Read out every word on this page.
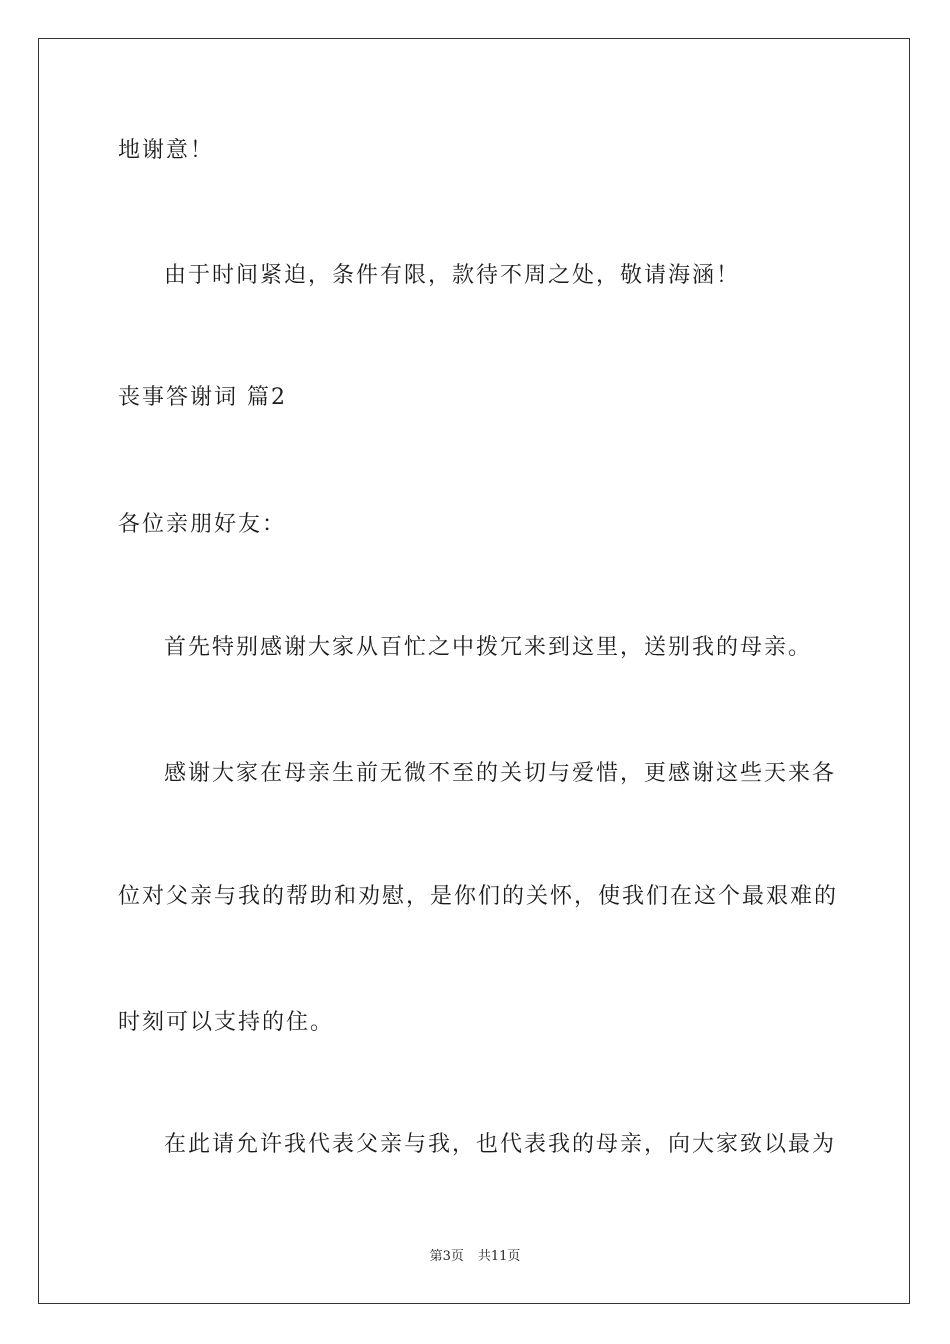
地谢意！
由于时间紧迫，条件有限，款待不周之处，敬请海涵！
丧事答谢词 篇2
各位亲朋好友：
首先特别感谢大家从百忙之中拨冗来到这里，送别我的母亲。
感谢大家在母亲生前无微不至的关切与爱惜，更感谢这些天来各
位对父亲与我的帮助和劝慰，是你们的关怀，使我们在这个最艰难的
时刻可以支持的住。
在此请允许我代表父亲与我，也代表我的母亲，向大家致以最为
第3页 共11页
